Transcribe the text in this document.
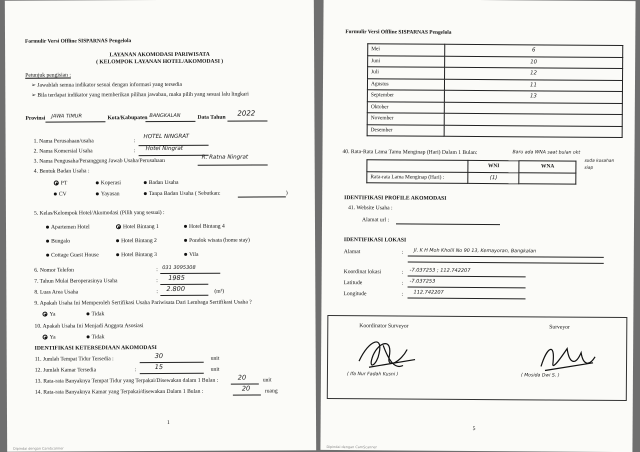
Formulir Versi Offline SISPARNAS Pengelola
LAYANAN AKOMODASI PARIWISATA
( KELOMPOK LAYANAN HOTEL/AKOMODASI )
Petunjuk pengisian :
➢ Jawablah semua indikator sesuai dengan informasi yang tersedia
➢ Bila terdapat indikator yang memberikan pilihan jawaban, maka pilih yang sesuai lalu lingkari
Provinsi JAWA TIMUR	Kota/Kabupaten BANGKALAN	Data Tahun
2022
1. Nama Perusahaan/usaha	:
HOTEL NINGRAT
2. Nama Komersial Usaha	: Hotel Ningrat
3. Nama Pengusaha/Penanggung Jawab Usaha/Perusahaan
R. Ratna Ningrat
4. Bentuk Badan Usaha :
PT	Koperasi	Badan Usaha
CV	Yayasan	Tanpa Badan Usaha ( Sebutkan:	)
5. Kelas/Kelompok Hotel/Akomodasi (Pilih yang sesuai) :
Apartemen Hotel	Hotel Bintang 1	Hotel Bintang 4
Bungalo	Hotel Bintang 2	Pondok wisata (home stay)
Cottage Guest House	Hotel Bintang 3	Vila
6. Nomor Telefon	: 031 3095308
7. Tahun Mulai Beroperasinya Usaha	: 1985
8. Luas Area Usaha	: 2.800	(m²)
9. Apakah Usaha Ini Memperoleh Sertifikasi Usaha Pariwisata Dari Lembaga Sertifikasi Usaha ?
Ya	Tidak
10. Apakah Usaha Ini Menjadi Anggota Asosiasi
Ya	Tidak
IDENTIFIKASI KETERSEDIAAN AKOMODASI
11. Jumlah Tempat Tidur Tersedia :	30	unit
12. Jumlah Kamar Tersedia	:	15	unit
13. Rata-rata Banyaknya Tempat Tidur yang Terpakai/Disewakan dalam 1 Bulan :	20	unit
14. Rata-rata Banyaknya Kamar yang Terpakai/disewakan Dalam 1 Bulan :	20	ruang
1
Dipindai dengan CamScanner
Formulir Versi Offline SISPARNAS Pengelola
Mei	6
Juni	10
Juli	12
Agustus	11
September	13
Oktober	
November	
Desember	
40. Rata-Rata Lama Tamu Menginap (Hari) Dalam 1 Bulan:	Baru ada WNA saat bulan okt
suda kosahan
siap
	WNI	WNA
Rata-rata Lama Menginap (Hari) :	(1)	
IDENTIFIKASI PROFILE AKOMODASI
41. Website Usaha :
Alamat url :
IDENTIFIKASI LOKASI
Alamat	: Jl. K H Moh Kholil No 90 13, Kemayoran, Bangkalan
Koordinat lokasi	: -7.037253 ; 112.742207
Latitude	: -7.037253
Longitude	: 112.742207
Koordinator Surveyor	Surveyor
( Ifa Nur Fadah Kusni )	( Mosida Dwi S. )
5
Dipindai dengan CamScanner
